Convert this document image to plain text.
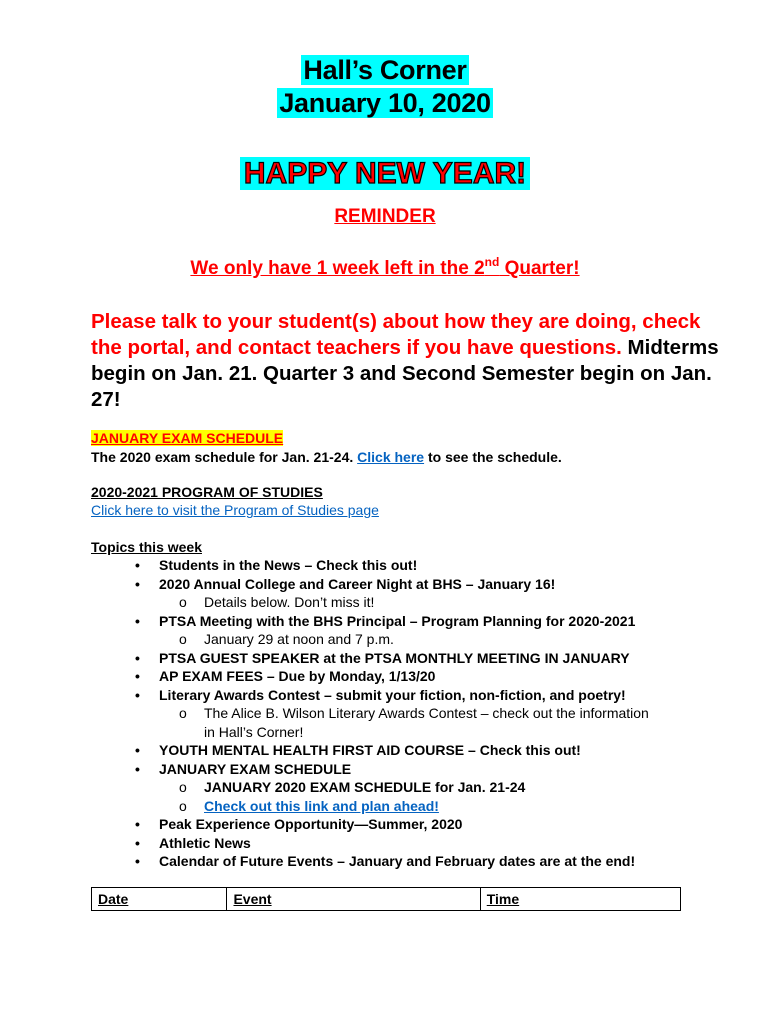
Hall’s Corner
January 10, 2020
HAPPY NEW YEAR!
REMINDER
We only have 1 week left in the 2nd Quarter!
Please talk to your student(s) about how they are doing, check the portal, and contact teachers if you have questions. Midterms begin on Jan. 21. Quarter 3 and Second Semester begin on Jan. 27!
JANUARY EXAM SCHEDULE
The 2020 exam schedule for Jan. 21-24. Click here to see the schedule.
2020-2021 PROGRAM OF STUDIES
Click here to visit the Program of Studies page
Topics this week
• Students in the News – Check this out!
• 2020 Annual College and Career Night at BHS – January 16!
o Details below. Don’t miss it!
• PTSA Meeting with the BHS Principal – Program Planning for 2020-2021
o January 29 at noon and 7 p.m.
• PTSA GUEST SPEAKER at the PTSA MONTHLY MEETING IN JANUARY
• AP EXAM FEES – Due by Monday, 1/13/20
• Literary Awards Contest – submit your fiction, non-fiction, and poetry!
o The Alice B. Wilson Literary Awards Contest – check out the information in Hall’s Corner!
• YOUTH MENTAL HEALTH FIRST AID COURSE – Check this out!
• JANUARY EXAM SCHEDULE
o JANUARY 2020 EXAM SCHEDULE for Jan. 21-24
o Check out this link and plan ahead!
• Peak Experience Opportunity—Summer, 2020
• Athletic News
• Calendar of Future Events – January and February dates are at the end!
Date	Event	Time
